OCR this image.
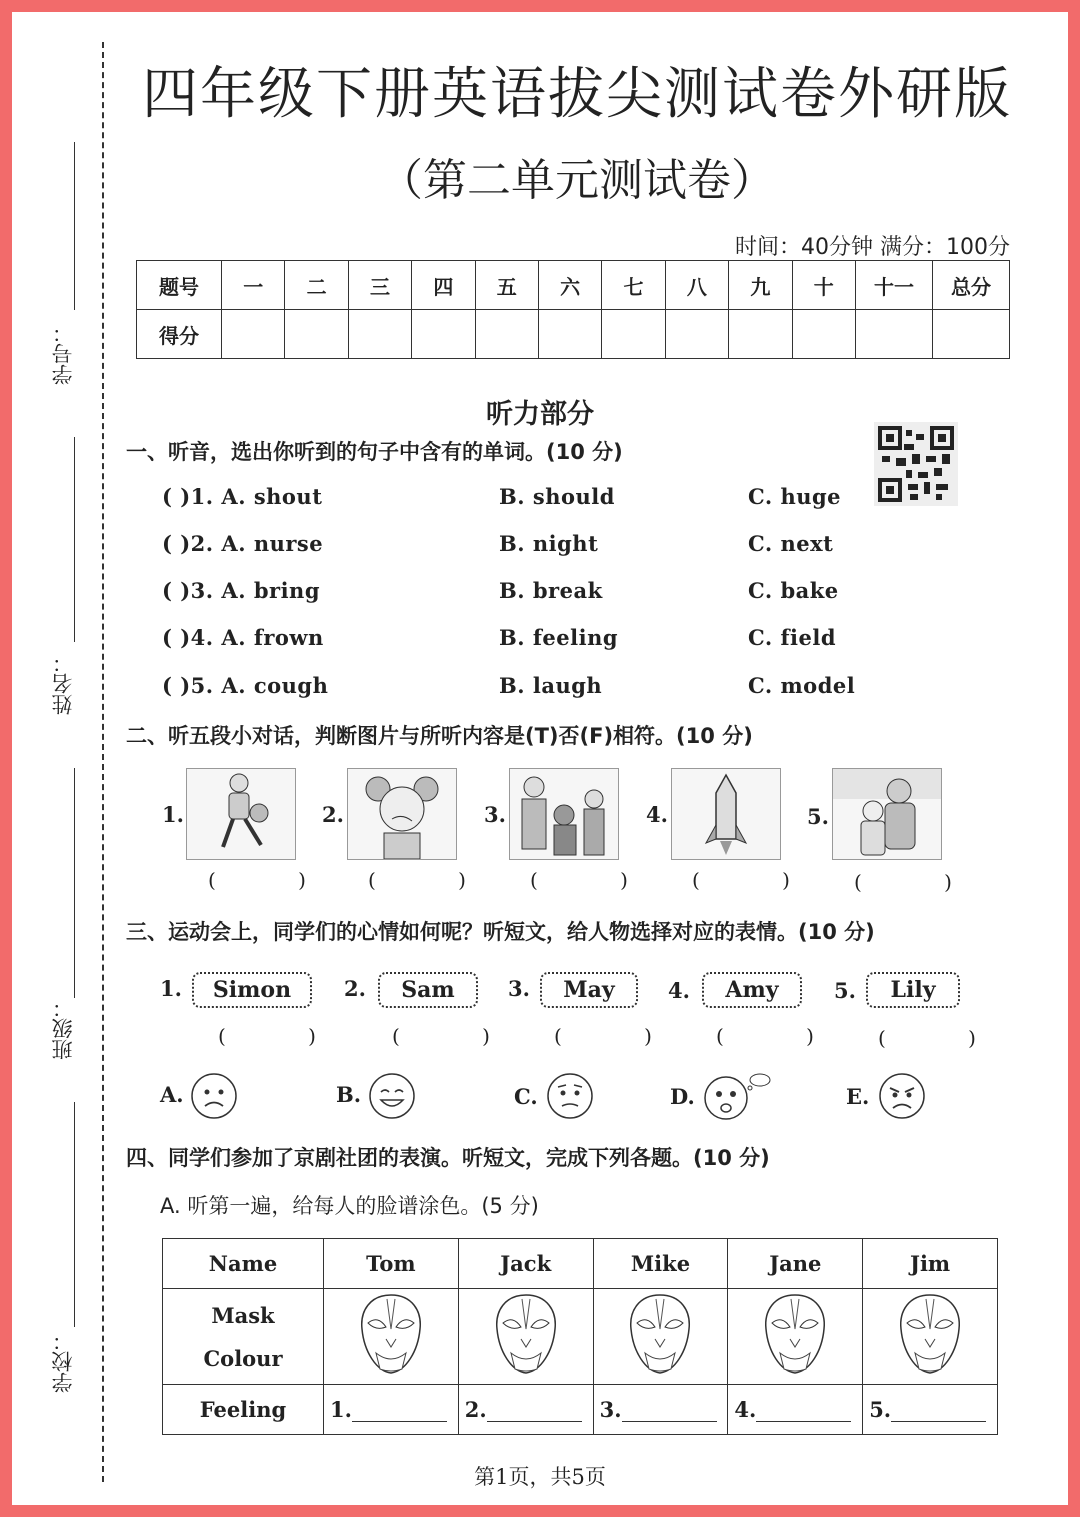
学号：
姓名：
班级：
学校：
四年级下册英语拔尖测试卷外研版
（第二单元测试卷）
时间：40分钟 满分：100分
题号	一	二	三	四	五	六	七	八	九	十	十一	总分
得分												
听力部分
一、听音，选出你听到的句子中含有的单词。(10 分)
( )1. A. shout	B. should	C. huge
( )2. A. nurse	B. night	C. next
( )3. A. bring	B. break	C. bake
( )4. A. frown	B. feeling	C. field
( )5. A. cough	B. laugh	C. model
二、听五段小对话，判断图片与所听内容是(T)否(F)相符。(10 分)
1.	2.	3.	4.	5.
( ) ( ) ( ) ( ) ( )
三、运动会上，同学们的心情如何呢？听短文，给人物选择对应的表情。(10 分)
1.	Simon	2.	Sam	3.	May	4.	Amy	5.	Lily
( ) ( ) ( ) ( ) ( )
A.	B.	C.	D.	E.
四、同学们参加了京剧社团的表演。听短文，完成下列各题。(10 分)
A. 听第一遍，给每人的脸谱涂色。(5 分)
Name	Tom	Jack	Mike	Jane	Jim

Mask
Colour

Feeling	1.	2.	3.	4.	5.
第1页，共5页
